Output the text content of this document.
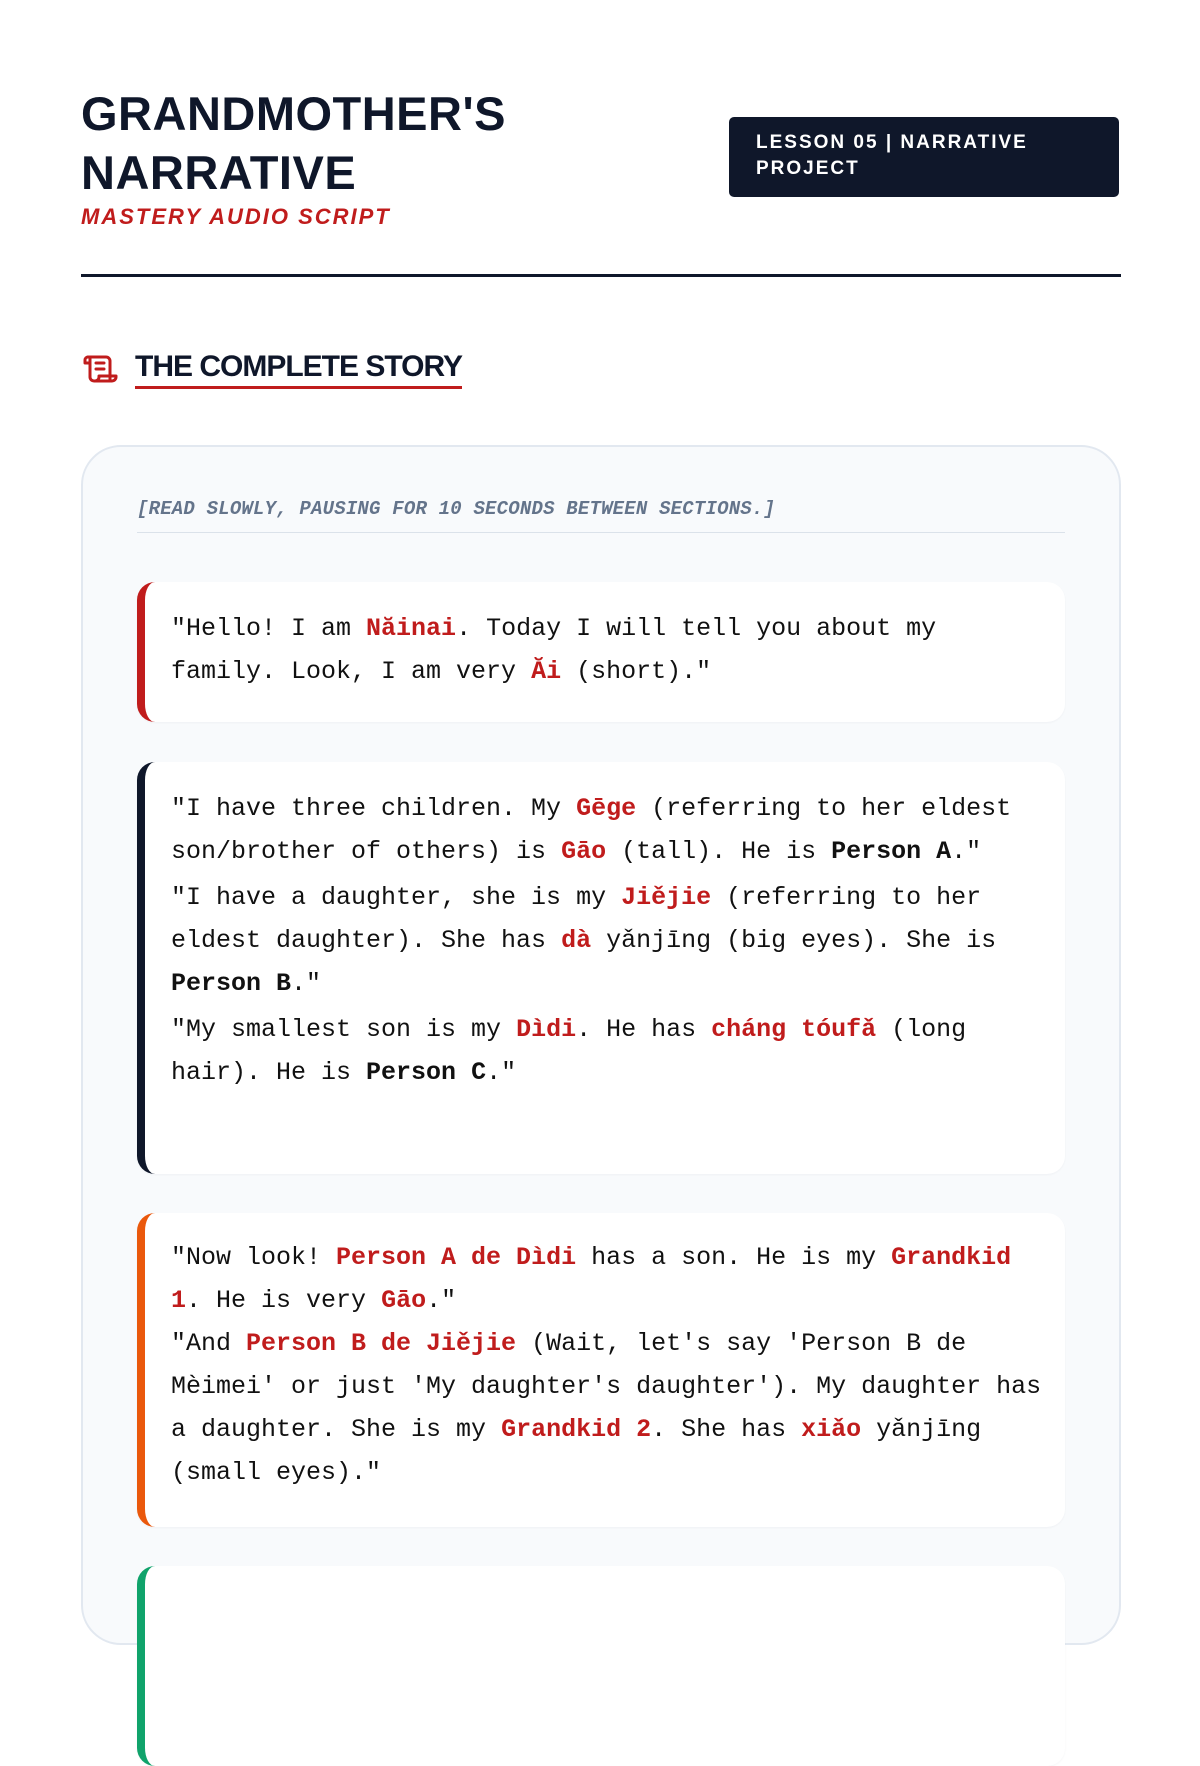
GRANDMOTHER'S NARRATIVE

MASTERY AUDIO SCRIPT

LESSON 05 | NARRATIVE PROJECT
THE COMPLETE STORY
[READ SLOWLY, PAUSING FOR 10 SECONDS BETWEEN SECTIONS.]

"Hello! I am Năinai. Today I will tell you about my family. Look, I am very Ăi (short)."

"I have three children. My Gēge (referring to her eldest son/brother of others) is Gāo (tall). He is Person A."

"I have a daughter, she is my Jiějie (referring to her eldest daughter). She has dà yǎnjīng (big eyes). She is Person B."

"My smallest son is my Dìdi. He has cháng tóufǎ (long hair). He is Person C."

"Now look! Person A de Dìdi has a son. He is my Grandkid 1. He is very Gāo."

"And Person B de Jiějie (Wait, let's say 'Person B de Mèimei' or just 'My daughter's daughter'). My daughter has a daughter. She is my Grandkid 2. She has xiǎo yǎnjīng (small eyes)."
